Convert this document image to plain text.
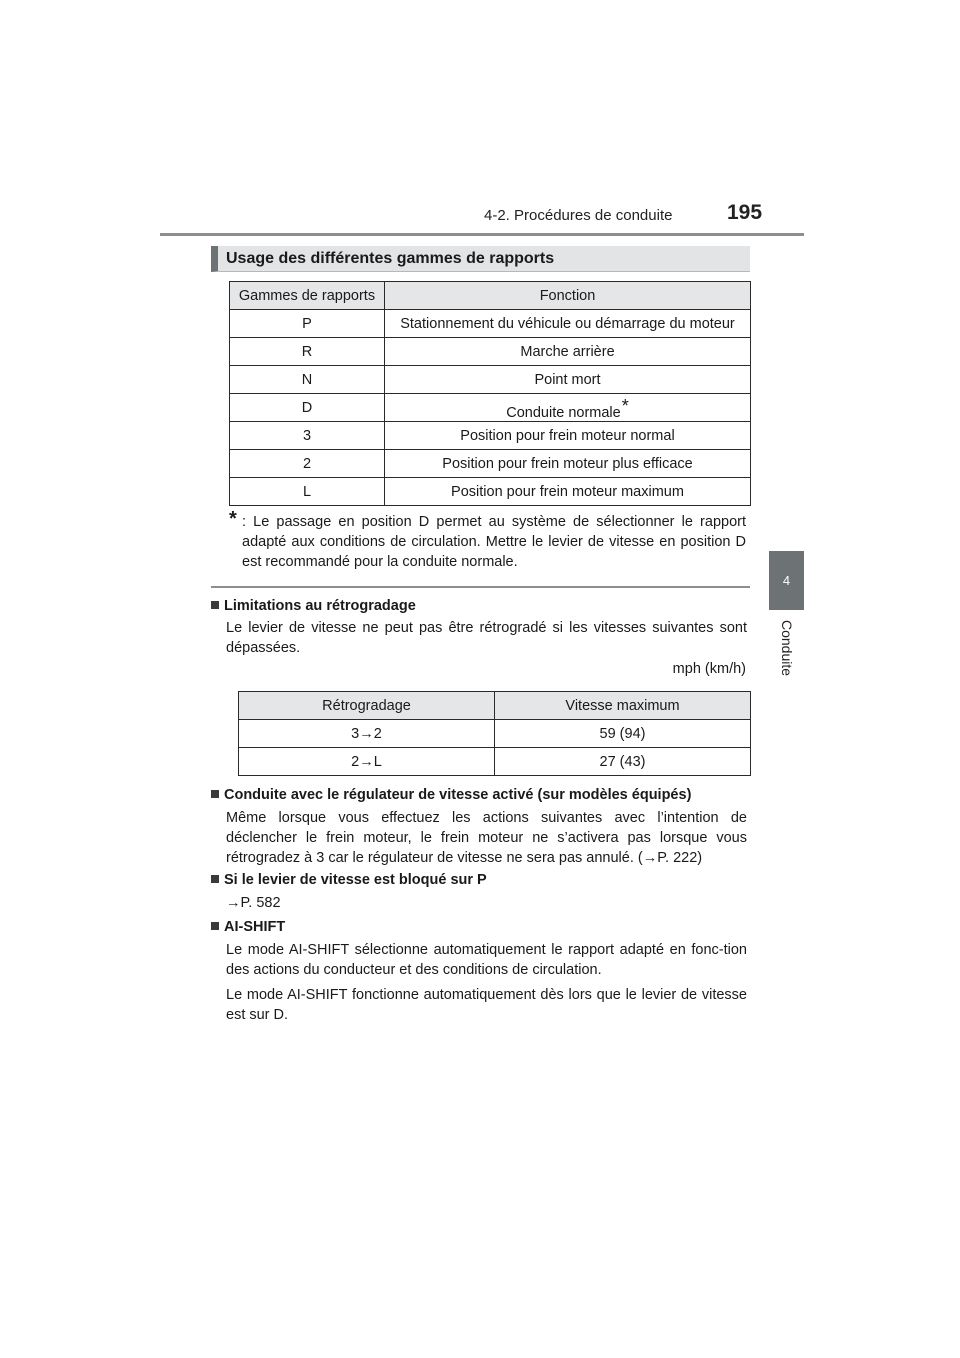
4-2. Procédures de conduite	195
4
Conduite
Usage des différentes gammes de rapports
Gammes de rapports	Fonction
P	Stationnement du véhicule ou démarrage du moteur
R	Marche arrière
N	Point mort
D	Conduite normale*
3	Position pour frein moteur normal
2	Position pour frein moteur plus efficace
L	Position pour frein moteur maximum
* : Le passage en position D permet au système de sélectionner le rapport adapté aux conditions de circulation. Mettre le levier de vitesse en position D est recommandé pour la conduite normale.
Limitations au rétrogradage
Le levier de vitesse ne peut pas être rétrogradé si les vitesses suivantes sont dépassées.
mph (km/h)
Rétrogradage	Vitesse maximum
3→2	59 (94)
2→L	27 (43)
Conduite avec le régulateur de vitesse activé (sur modèles équipés)
Même lorsque vous effectuez les actions suivantes avec l’intention de déclencher le frein moteur, le frein moteur ne s’activera pas lorsque vous rétrogradez à 3 car le régulateur de vitesse ne sera pas annulé. (→P. 222)
Si le levier de vitesse est bloqué sur P
→P. 582
AI-SHIFT
Le mode AI-SHIFT sélectionne automatiquement le rapport adapté en fonc-tion des actions du conducteur et des conditions de circulation.
Le mode AI-SHIFT fonctionne automatiquement dès lors que le levier de vitesse est sur D.
